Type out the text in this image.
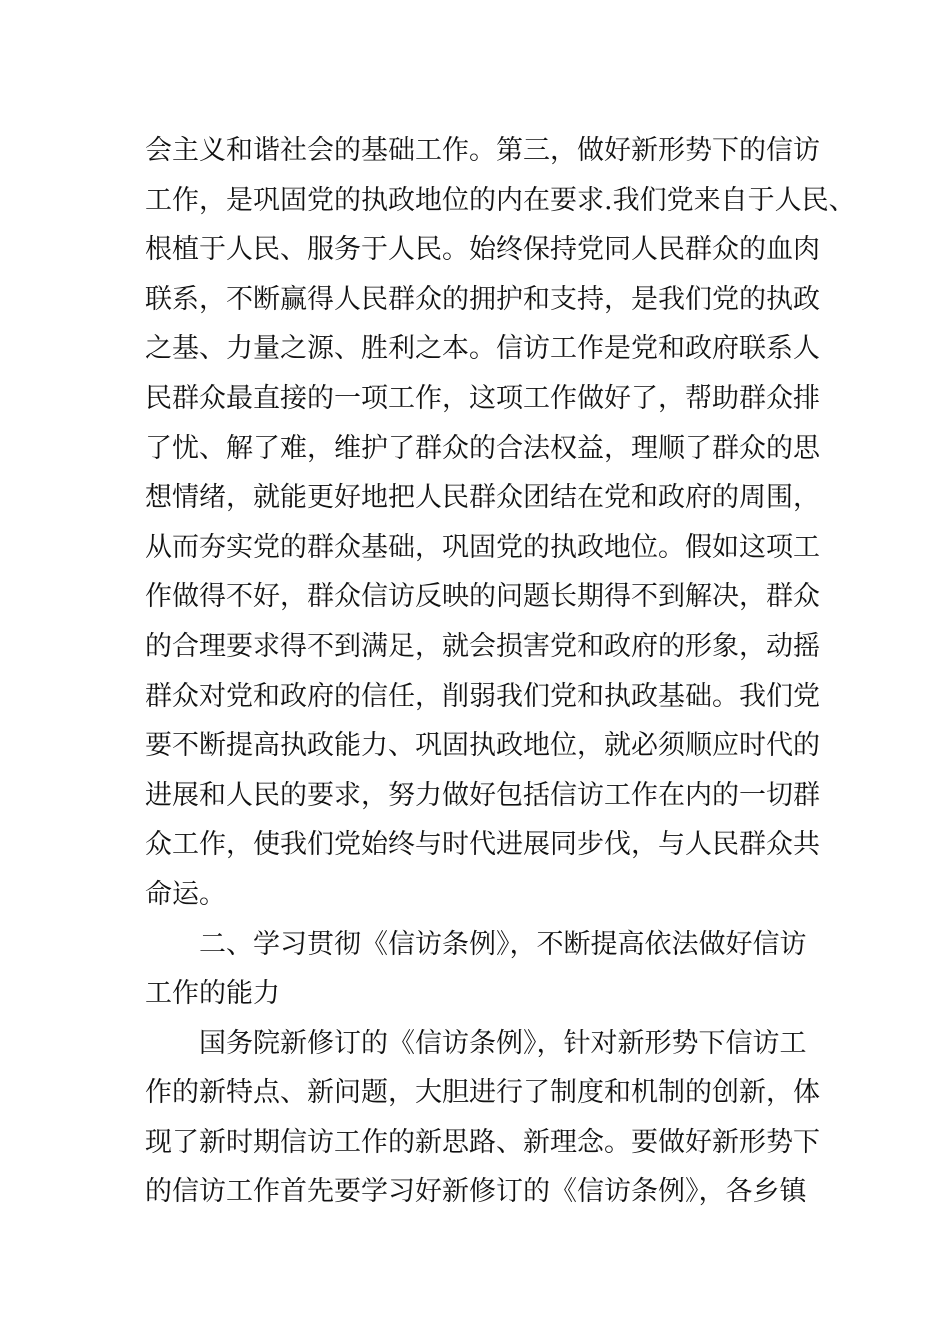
会主义和谐社会的基础工作。第三，做好新形势下的信访
工作，是巩固党的执政地位的内在要求.我们党来自于人民、
根植于人民、服务于人民。始终保持党同人民群众的血肉
联系，不断赢得人民群众的拥护和支持，是我们党的执政
之基、力量之源、胜利之本。信访工作是党和政府联系人
民群众最直接的一项工作，这项工作做好了，帮助群众排
了忧、解了难，维护了群众的合法权益，理顺了群众的思
想情绪，就能更好地把人民群众团结在党和政府的周围，
从而夯实党的群众基础，巩固党的执政地位。假如这项工
作做得不好，群众信访反映的问题长期得不到解决，群众
的合理要求得不到满足，就会损害党和政府的形象，动摇
群众对党和政府的信任，削弱我们党和执政基础。我们党
要不断提高执政能力、巩固执政地位，就必须顺应时代的
进展和人民的要求，努力做好包括信访工作在内的一切群
众工作，使我们党始终与时代进展同步伐，与人民群众共
命运。
二、学习贯彻《信访条例》，不断提高依法做好信访
工作的能力
国务院新修订的《信访条例》，针对新形势下信访工
作的新特点、新问题，大胆进行了制度和机制的创新，体
现了新时期信访工作的新思路、新理念。要做好新形势下
的信访工作首先要学习好新修订的《信访条例》，各乡镇
